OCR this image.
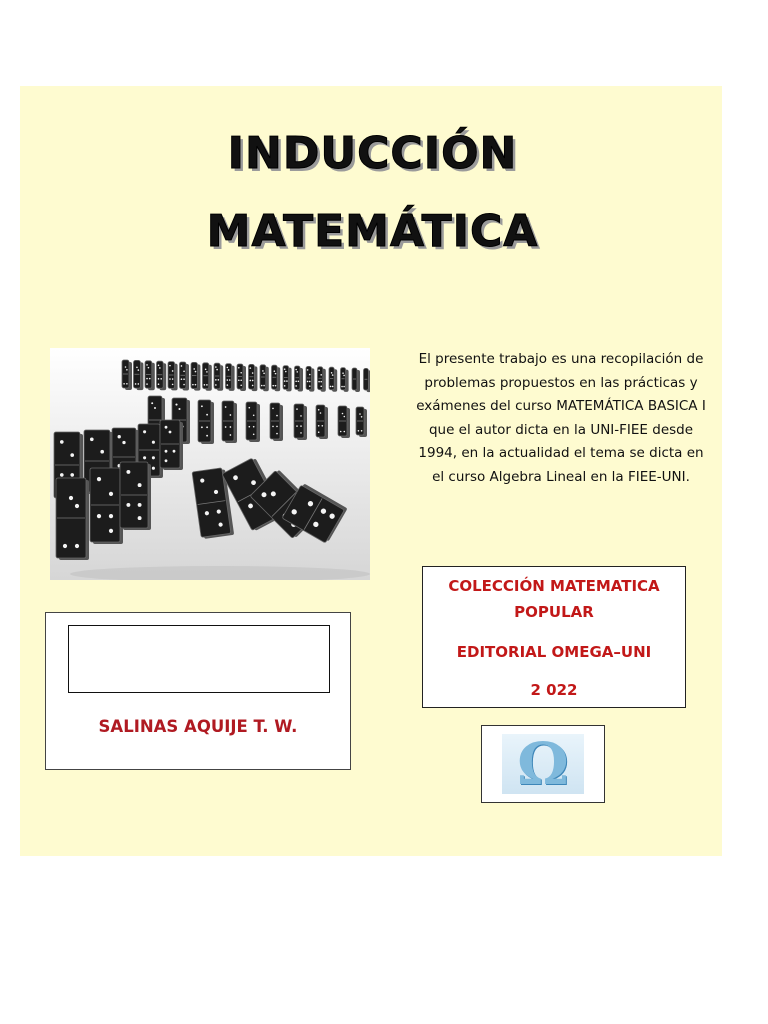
INDUCCIÓN
MATEMÁTICA
El presente trabajo es una recopilación de problemas propuestos en las prácticas y exámenes del curso MATEMÁTICA BASICA I que el autor dicta en la UNI-FIEE desde 1994, en la actualidad el tema se dicta en el curso Algebra Lineal en la FIEE-UNI.
COLECCIÓN MATEMATICA
POPULAR
EDITORIAL OMEGA–UNI
2 022
SALINAS AQUIJE T. W.
Ω
